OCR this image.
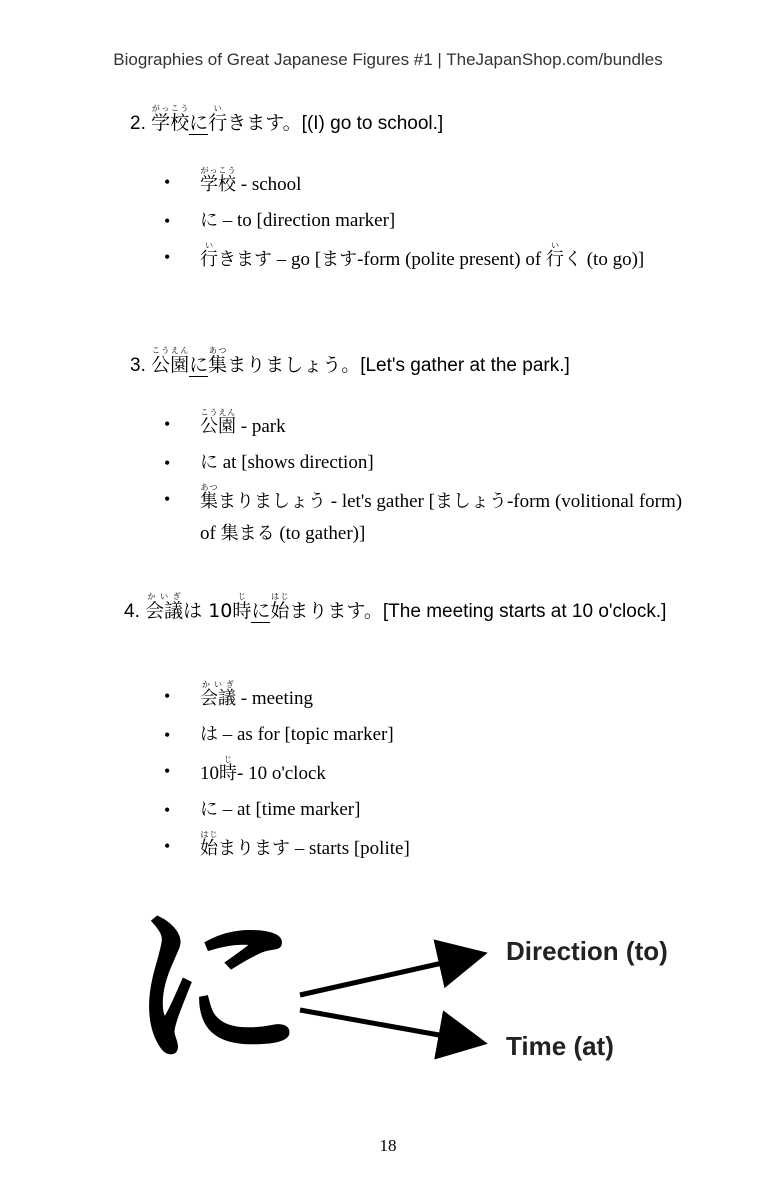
Biographies of Great Japanese Figures #1 | TheJapanShop.com/bundles
2. 学校がっこうに行いきます。[(I) go to school.]
• 学校がっこう - school
• に – to [direction marker]
• 行いきます – go [ます-form (polite present) of 行いく (to go)]
3. 公園こうえんに集あつまりましょう。[Let's gather at the park.]
• 公園こうえん - park
• に at [shows direction]
• 集あつまりましょう - let's gather [ましょう-form (volitional form) of 集まる (to gather)]
4. 会議かいぎは 10時じに始はじまります。[The meeting starts at 10 o'clock.]
• 会議かいぎ - meeting
• は – as for [topic marker]
• 10時じ- 10 o'clock
• に – at [time marker]
• 始はじまります – starts [polite]
に	Direction (to)
Time (at)
18
